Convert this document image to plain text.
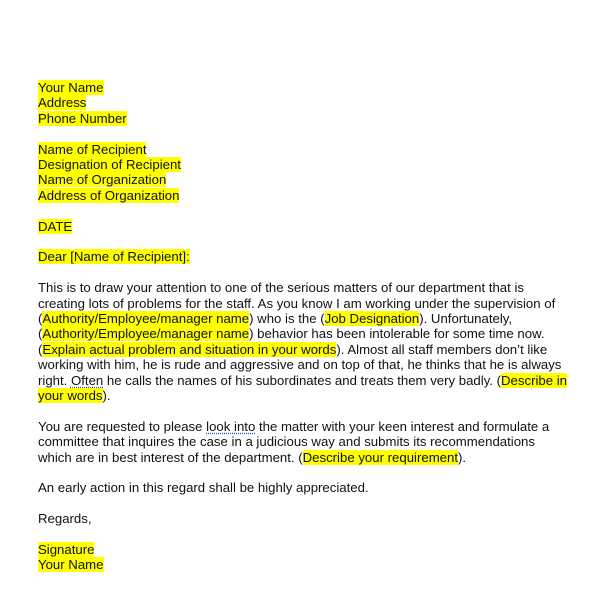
Your Name
Address
Phone Number
Name of Recipient
Designation of Recipient
Name of Organization
Address of Organization
DATE
Dear [Name of Recipient]:
This is to draw your attention to one of the serious matters of our department that is creating lots of problems for the staff. As you know I am working under the supervision of (Authority/Employee/manager name) who is the (Job Designation). Unfortunately, (Authority/Employee/manager name) behavior has been intolerable for some time now. (Explain actual problem and situation in your words). Almost all staff members don’t like working with him, he is rude and aggressive and on top of that, he thinks that he is always right. Often he calls the names of his subordinates and treats them very badly. (Describe in your words).
You are requested to please look into the matter with your keen interest and formulate a committee that inquires the case in a judicious way and submits its recommendations which are in best interest of the department. (Describe your requirement).
An early action in this regard shall be highly appreciated.
Regards,
Signature
Your Name
